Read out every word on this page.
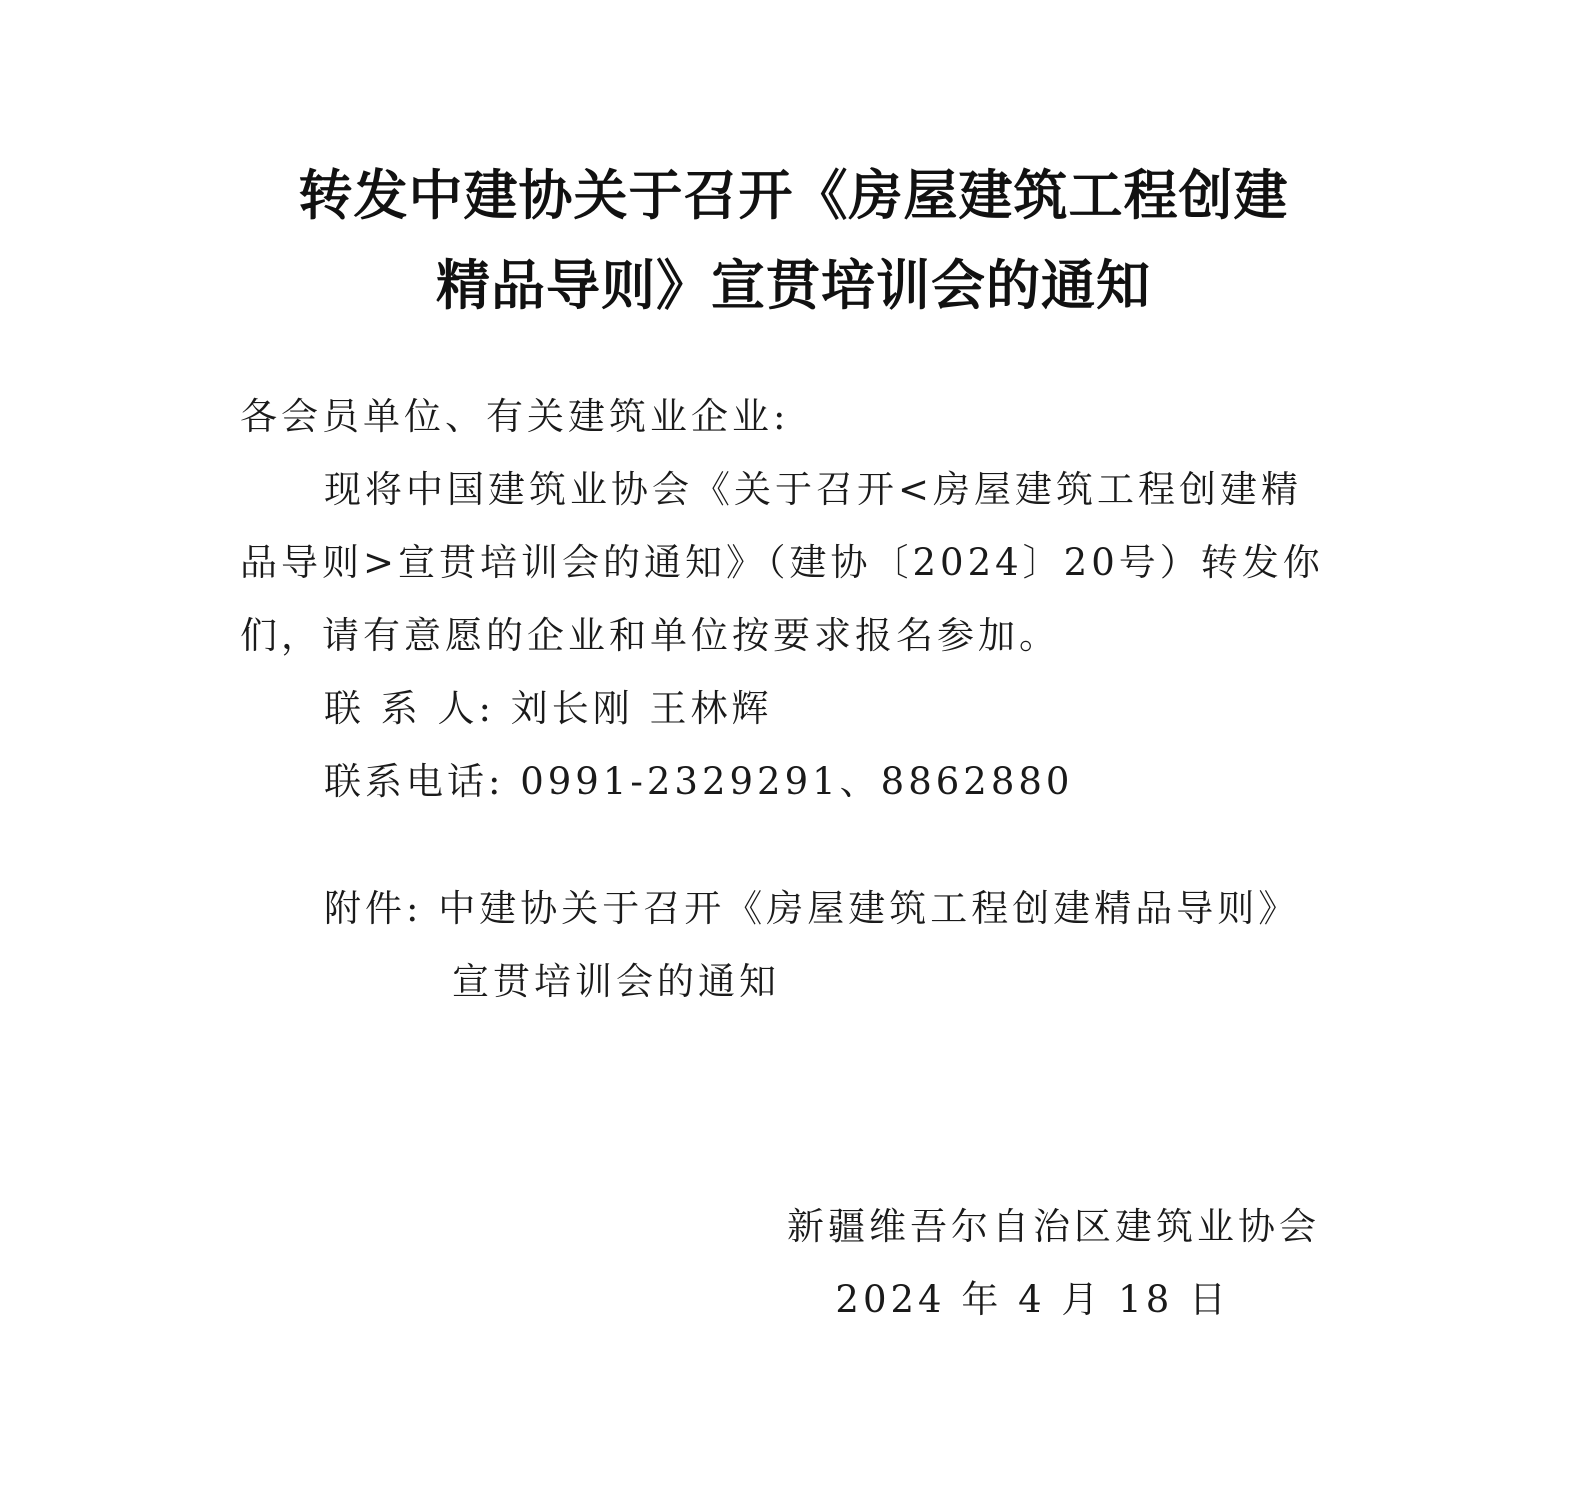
转发中建协关于召开《房屋建筑工程创建
精品导则》宣贯培训会的通知
各会员单位、有关建筑业企业:
现将中国建筑业协会《关于召开<房屋建筑工程创建精
品导则>宣贯培训会的通知》（建协〔2024〕20号）转发你
们，请有意愿的企业和单位按要求报名参加。
联 系 人: 刘长刚 王林辉
联系电话: 0991-2329291、8862880
附件: 中建协关于召开《房屋建筑工程创建精品导则》
宣贯培训会的通知
新疆维吾尔自治区建筑业协会
2024 年 4 月 18 日
